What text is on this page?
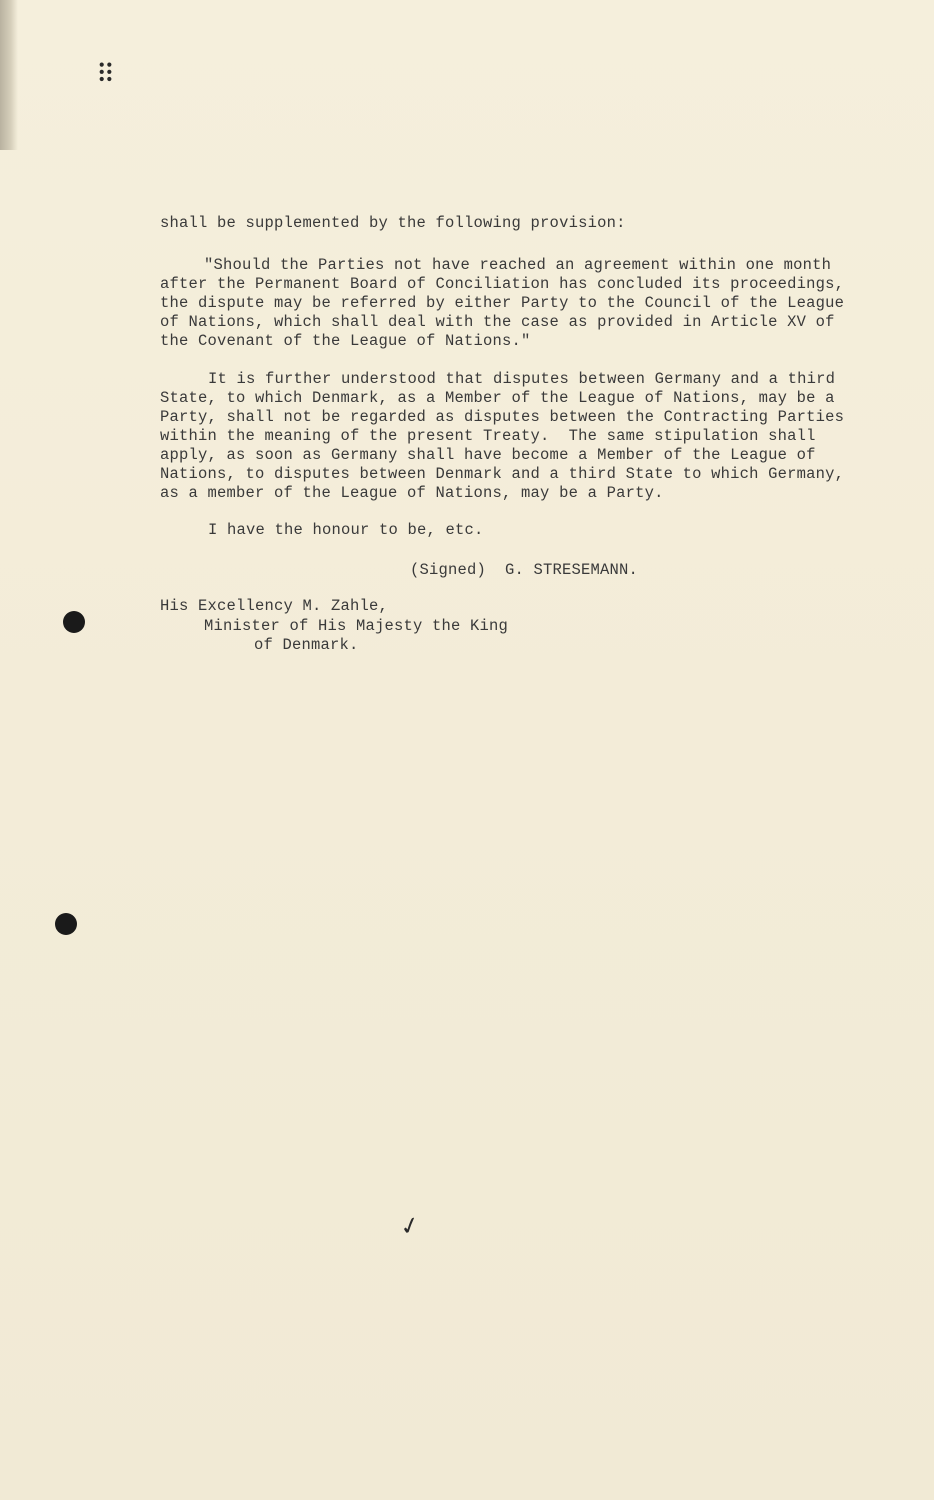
⠿

shall be supplemented by the following provision:

"Should the Parties not have reached an agreement within one month

after the Permanent Board of Conciliation has concluded its proceedings,

the dispute may be referred by either Party to the Council of the League

of Nations, which shall deal with the case as provided in Article XV of

the Covenant of the League of Nations."

It is further understood that disputes between Germany and a third

State, to which Denmark, as a Member of the League of Nations, may be a

Party, shall not be regarded as disputes between the Contracting Parties

within the meaning of the present Treaty.  The same stipulation shall

apply, as soon as Germany shall have become a Member of the League of

Nations, to disputes between Denmark and a third State to which Germany,

as a member of the League of Nations, may be a Party.

I have the honour to be, etc.

(Signed)  G. STRESEMANN.

His Excellency M. Zahle,

Minister of His Majesty the King

of Denmark.

✓
